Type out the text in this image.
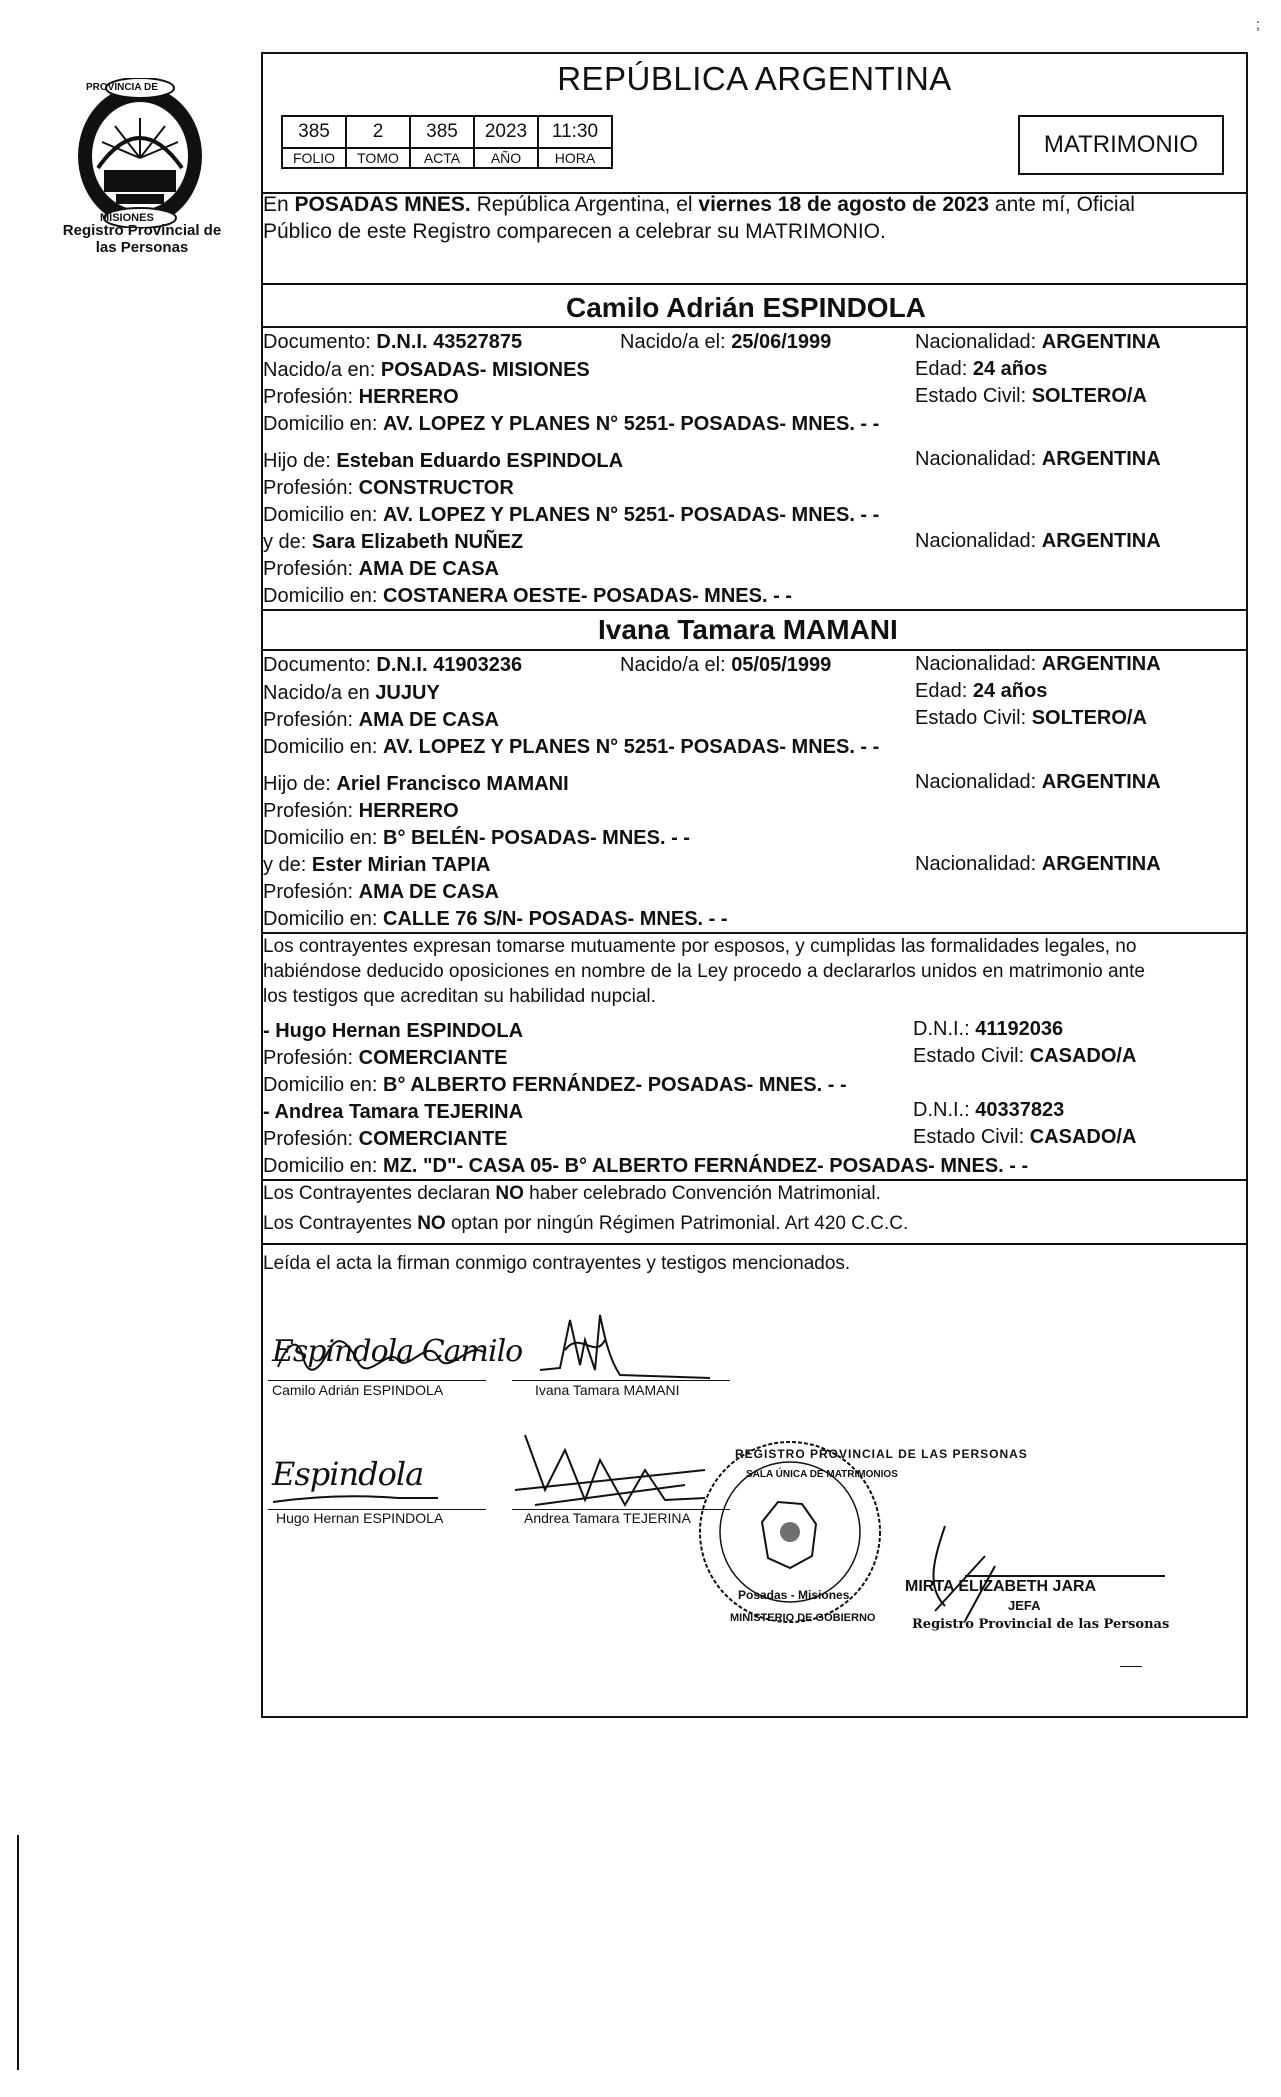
;
PROVINCIA DE
MISIONES
Registro Provincial de las Personas
REPÚBLICA ARGENTINA
385	2	385	2023	11:30
FOLIO	TOMO	ACTA	AÑO	HORA	MATRIMONIO
En POSADAS MNES. República Argentina, el viernes 18 de agosto de 2023 ante mí, Oficial
Público de este Registro comparecen a celebrar su MATRIMONIO.
Camilo Adrián ESPINDOLA
Documento: D.N.I. 43527875	Nacido/a el: 25/06/1999	Nacionalidad: ARGENTINA
Nacido/a en: POSADAS- MISIONES	Edad: 24 años
Profesión: HERRERO	Estado Civil: SOLTERO/A
Domicilio en: AV. LOPEZ Y PLANES N° 5251- POSADAS- MNES. - -
Hijo de: Esteban Eduardo ESPINDOLA	Nacionalidad: ARGENTINA
Profesión: CONSTRUCTOR
Domicilio en: AV. LOPEZ Y PLANES N° 5251- POSADAS- MNES. - -
y de: Sara Elizabeth NUÑEZ	Nacionalidad: ARGENTINA
Profesión: AMA DE CASA
Domicilio en: COSTANERA OESTE- POSADAS- MNES. - -
Ivana Tamara MAMANI
Documento: D.N.I. 41903236	Nacido/a el: 05/05/1999	Nacionalidad: ARGENTINA
Nacido/a en JUJUY	Edad: 24 años
Profesión: AMA DE CASA	Estado Civil: SOLTERO/A
Domicilio en: AV. LOPEZ Y PLANES N° 5251- POSADAS- MNES. - -
Hijo de: Ariel Francisco MAMANI	Nacionalidad: ARGENTINA
Profesión: HERRERO
Domicilio en: B° BELÉN- POSADAS- MNES. - -
y de: Ester Mirian TAPIA	Nacionalidad: ARGENTINA
Profesión: AMA DE CASA
Domicilio en: CALLE 76 S/N- POSADAS- MNES. - -
Los contrayentes expresan tomarse mutuamente por esposos, y cumplidas las formalidades legales, no
habiéndose deducido oposiciones en nombre de la Ley procedo a declararlos unidos en matrimonio ante
los testigos que acreditan su habilidad nupcial.
- Hugo Hernan ESPINDOLA	D.N.I.: 41192036
Profesión: COMERCIANTE	Estado Civil: CASADO/A
Domicilio en: B° ALBERTO FERNÁNDEZ- POSADAS- MNES. - -
- Andrea Tamara TEJERINA	D.N.I.: 40337823
Profesión: COMERCIANTE	Estado Civil: CASADO/A
Domicilio en: MZ. "D"- CASA 05- B° ALBERTO FERNÁNDEZ- POSADAS- MNES. - -
Los Contrayentes declaran NO haber celebrado Convención Matrimonial.
Los Contrayentes NO optan por ningún Régimen Patrimonial. Art 420 C.C.C.
Leída el acta la firman conmigo contrayentes y testigos mencionados.
Espindola Camilo
Camilo Adrián ESPINDOLA	Ivana Tamara MAMANI
Espindola
Hugo Hernan ESPINDOLA	Andrea Tamara TEJERINA
REGISTRO PROVINCIAL DE LAS PERSONAS
SALA ÚNICA DE MATRIMONIOS
Posadas - Misiones
MINISTERIO DE GOBIERNO
MIRTA ELIZABETH JARA
JEFA
Registro Provincial de las Personas
